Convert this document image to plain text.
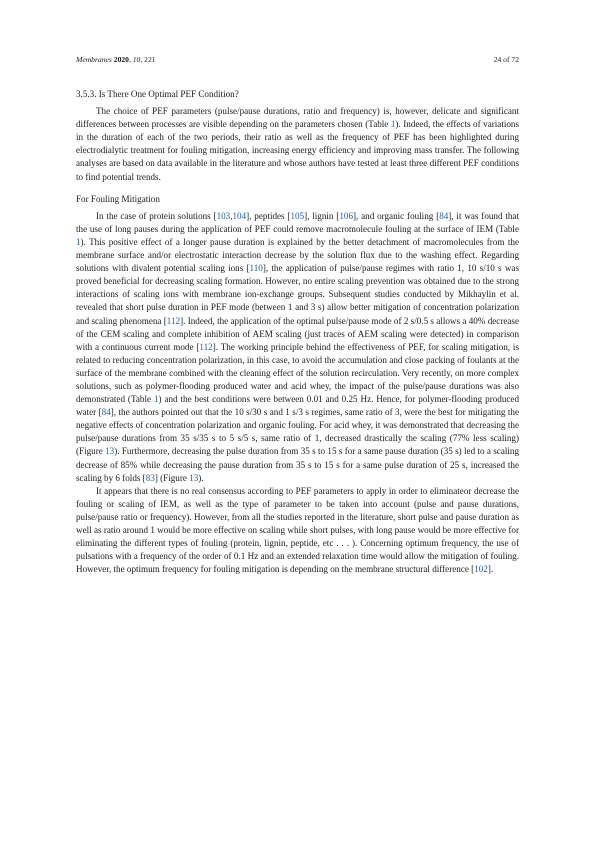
Membranes 2020, 10, 221	24 of 72
3.5.3. Is There One Optimal PEF Condition?

The choice of PEF parameters (pulse/pause durations, ratio and frequency) is, however, delicate and significant differences between processes are visible depending on the parameters chosen (Table 1). Indeed, the effects of variations in the duration of each of the two periods, their ratio as well as the frequency of PEF has been highlighted during electrodialytic treatment for fouling mitigation, increasing energy efficiency and improving mass transfer. The following analyses are based on data available in the literature and whose authors have tested at least three different PEF conditions to find potential trends.

For Fouling Mitigation

In the case of protein solutions [103,104], peptides [105], lignin [106], and organic fouling [84], it was found that the use of long pauses during the application of PEF could remove macromolecule fouling at the surface of IEM (Table 1). This positive effect of a longer pause duration is explained by the better detachment of macromolecules from the membrane surface and/or electrostatic interaction decrease by the solution flux due to the washing effect. Regarding solutions with divalent potential scaling ions [110], the application of pulse/pause regimes with ratio 1, 10 s/10 s was proved beneficial for decreasing scaling formation. However, no entire scaling prevention was obtained due to the strong interactions of scaling ions with membrane ion-exchange groups. Subsequent studies conducted by Mikhaylin et al. revealed that short pulse duration in PEF mode (between 1 and 3 s) allow better mitigation of concentration polarization and scaling phenomena [112]. Indeed, the application of the optimal pulse/pause mode of 2 s/0.5 s allows a 40% decrease of the CEM scaling and complete inhibition of AEM scaling (just traces of AEM scaling were detected) in comparison with a continuous current mode [112]. The working principle behind the effectiveness of PEF, for scaling mitigation, is related to reducing concentration polarization, in this case, to avoid the accumulation and close packing of foulants at the surface of the membrane combined with the cleaning effect of the solution recirculation. Very recently, on more complex solutions, such as polymer-flooding produced water and acid whey, the impact of the pulse/pause durations was also demonstrated (Table 1) and the best conditions were between 0.01 and 0.25 Hz. Hence, for polymer-flooding produced water [84], the authors pointed out that the 10 s/30 s and 1 s/3 s regimes, same ratio of 3, were the best for mitigating the negative effects of concentration polarization and organic fouling. For acid whey, it was demonstrated that decreasing the pulse/pause durations from 35 s/35 s to 5 s/5 s, same ratio of 1, decreased drastically the scaling (77% less scaling) (Figure 13). Furthermore, decreasing the pulse duration from 35 s to 15 s for a same pause duration (35 s) led to a scaling decrease of 85% while decreasing the pause duration from 35 s to 15 s for a same pulse duration of 25 s, increased the scaling by 6 folds [83] (Figure 13).

It appears that there is no real consensus according to PEF parameters to apply in order to eliminateor decrease the fouling or scaling of IEM, as well as the type of parameter to be taken into account (pulse and pause durations, pulse/pause ratio or frequency). However, from all the studies reported in the literature, short pulse and pause duration as well as ratio around 1 would be more effective on scaling while short pulses, with long pause would be more effective for eliminating the different types of fouling (protein, lignin, peptide, etc . . . ). Concerning optimum frequency, the use of pulsations with a frequency of the order of 0.1 Hz and an extended relaxation time would allow the mitigation of fouling. However, the optimum frequency for fouling mitigation is depending on the membrane structural difference [102].
